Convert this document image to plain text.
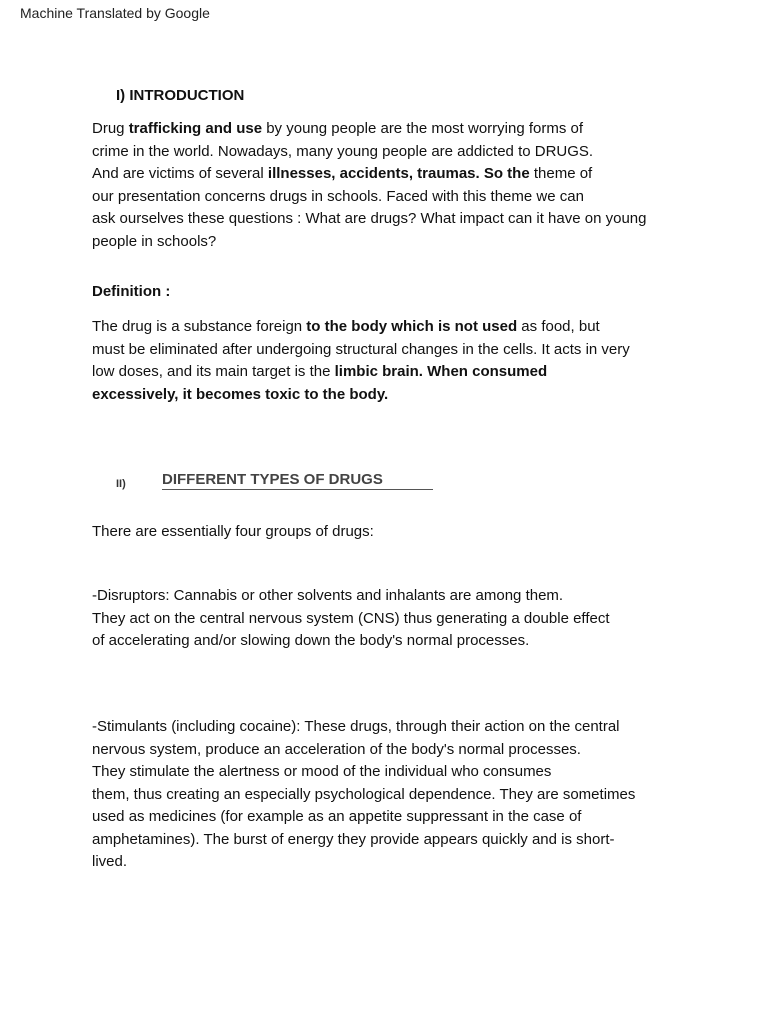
Machine Translated by Google
I) INTRODUCTION
Drug trafficking and use by young people are the most worrying forms of
crime in the world. Nowadays, many young people are addicted to DRUGS.
And are victims of several illnesses, accidents, traumas. So the theme of
our presentation concerns drugs in schools. Faced with this theme we can
ask ourselves these questions : What are drugs? What impact can it have on young
people in schools?
Definition :
The drug is a substance foreign to the body which is not used as food, but
must be eliminated after undergoing structural changes in the cells. It acts in very
low doses, and its main target is the limbic brain. When consumed
excessively, it becomes toxic to the body.
II) DIFFERENT TYPES OF DRUGS
There are essentially four groups of drugs:
-Disruptors: Cannabis or other solvents and inhalants are among them.
They act on the central nervous system (CNS) thus generating a double effect
of accelerating and/or slowing down the body's normal processes.
-Stimulants (including cocaine): These drugs, through their action on the central
nervous system, produce an acceleration of the body's normal processes.
They stimulate the alertness or mood of the individual who consumes
them, thus creating an especially psychological dependence. They are sometimes
used as medicines (for example as an appetite suppressant in the case of
amphetamines). The burst of energy they provide appears quickly and is short-
lived.
